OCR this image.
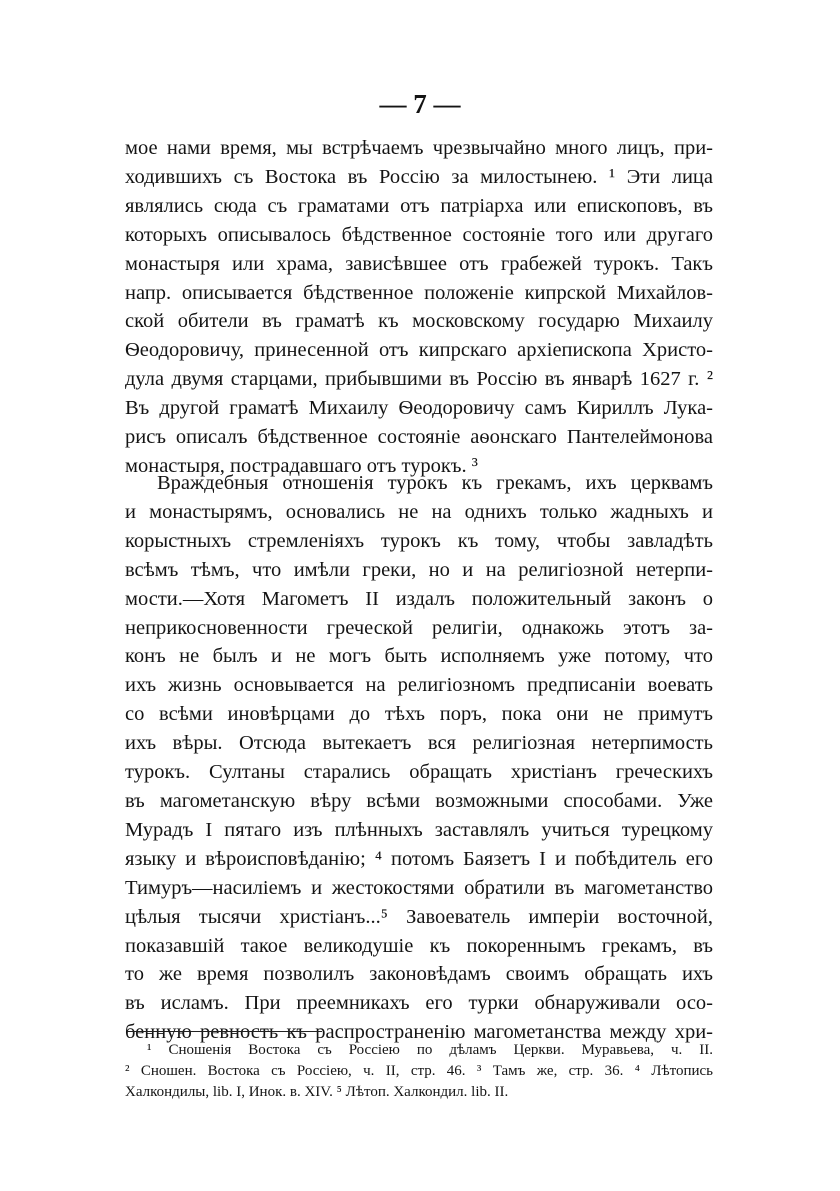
— 7 —
мое нами время, мы встрѣчаемъ чрезвычайно много лицъ, при-
ходившихъ съ Востока въ Россію за милостынею. ¹ Эти лица
являлись сюда съ граматами отъ патріарха или епископовъ, въ
которыхъ описывалось бѣдственное состояніе того или другаго
монастыря или храма, зависѣвшее отъ грабежей турокъ. Такъ
напр. описывается бѣдственное положеніе кипрской Михайлов-
ской обители въ граматѣ къ московскому государю Михаилу
Ѳеодоровичу, принесенной отъ кипрскаго архіепископа Христо-
дула двумя старцами, прибывшими въ Россію въ январѣ 1627 г. ²
Въ другой граматѣ Михаилу Ѳеодоровичу самъ Кириллъ Лука-
рисъ описалъ бѣдственное состояніе аѳонскаго Пантелеймонова
монастыря, пострадавшаго отъ турокъ. ³
Враждебныя отношенія турокъ къ грекамъ, ихъ церквамъ
и монастырямъ, основались не на однихъ только жадныхъ и
корыстныхъ стремленіяхъ турокъ къ тому, чтобы завладѣть
всѣмъ тѣмъ, что имѣли греки, но и на религіозной нетерпи-
мости.—Хотя Магометъ II издалъ положительный законъ о
неприкосновенности греческой религіи, однакожь этотъ за-
конъ не былъ и не могъ быть исполняемъ уже потому, что
ихъ жизнь основывается на религіозномъ предписаніи воевать
со всѣми иновѣрцами до тѣхъ поръ, пока они не примутъ
ихъ вѣры. Отсюда вытекаетъ вся религіозная нетерпимость
турокъ. Султаны старались обращать христіанъ греческихъ
въ магометанскую вѣру всѣми возможными способами. Уже
Мурадъ I пятаго изъ плѣнныхъ заставлялъ учиться турецкому
языку и вѣроисповѣданію; ⁴ потомъ Баязетъ I и побѣдитель его
Тимуръ—насиліемъ и жестокостями обратили въ магометанство
цѣлыя тысячи христіанъ...⁵ Завоеватель имперіи восточной,
показавшій такое великодушіе къ покореннымъ грекамъ, въ
то же время позволилъ законовѣдамъ своимъ обращать ихъ
въ исламъ. При преемникахъ его турки обнаруживали осо-
бенную ревность къ распространенію магометанства между хри-
¹ Сношенія Востока съ Россіею по дѣламъ Церкви. Муравьева, ч. II.
² Сношен. Востока съ Россіею, ч. II, стр. 46. ³ Тамъ же, стр. 36. ⁴ Лѣтопись
Халкондилы, lib. I, Инок. в. XIV. ⁵ Лѣтоп. Халкондил. lib. II.
